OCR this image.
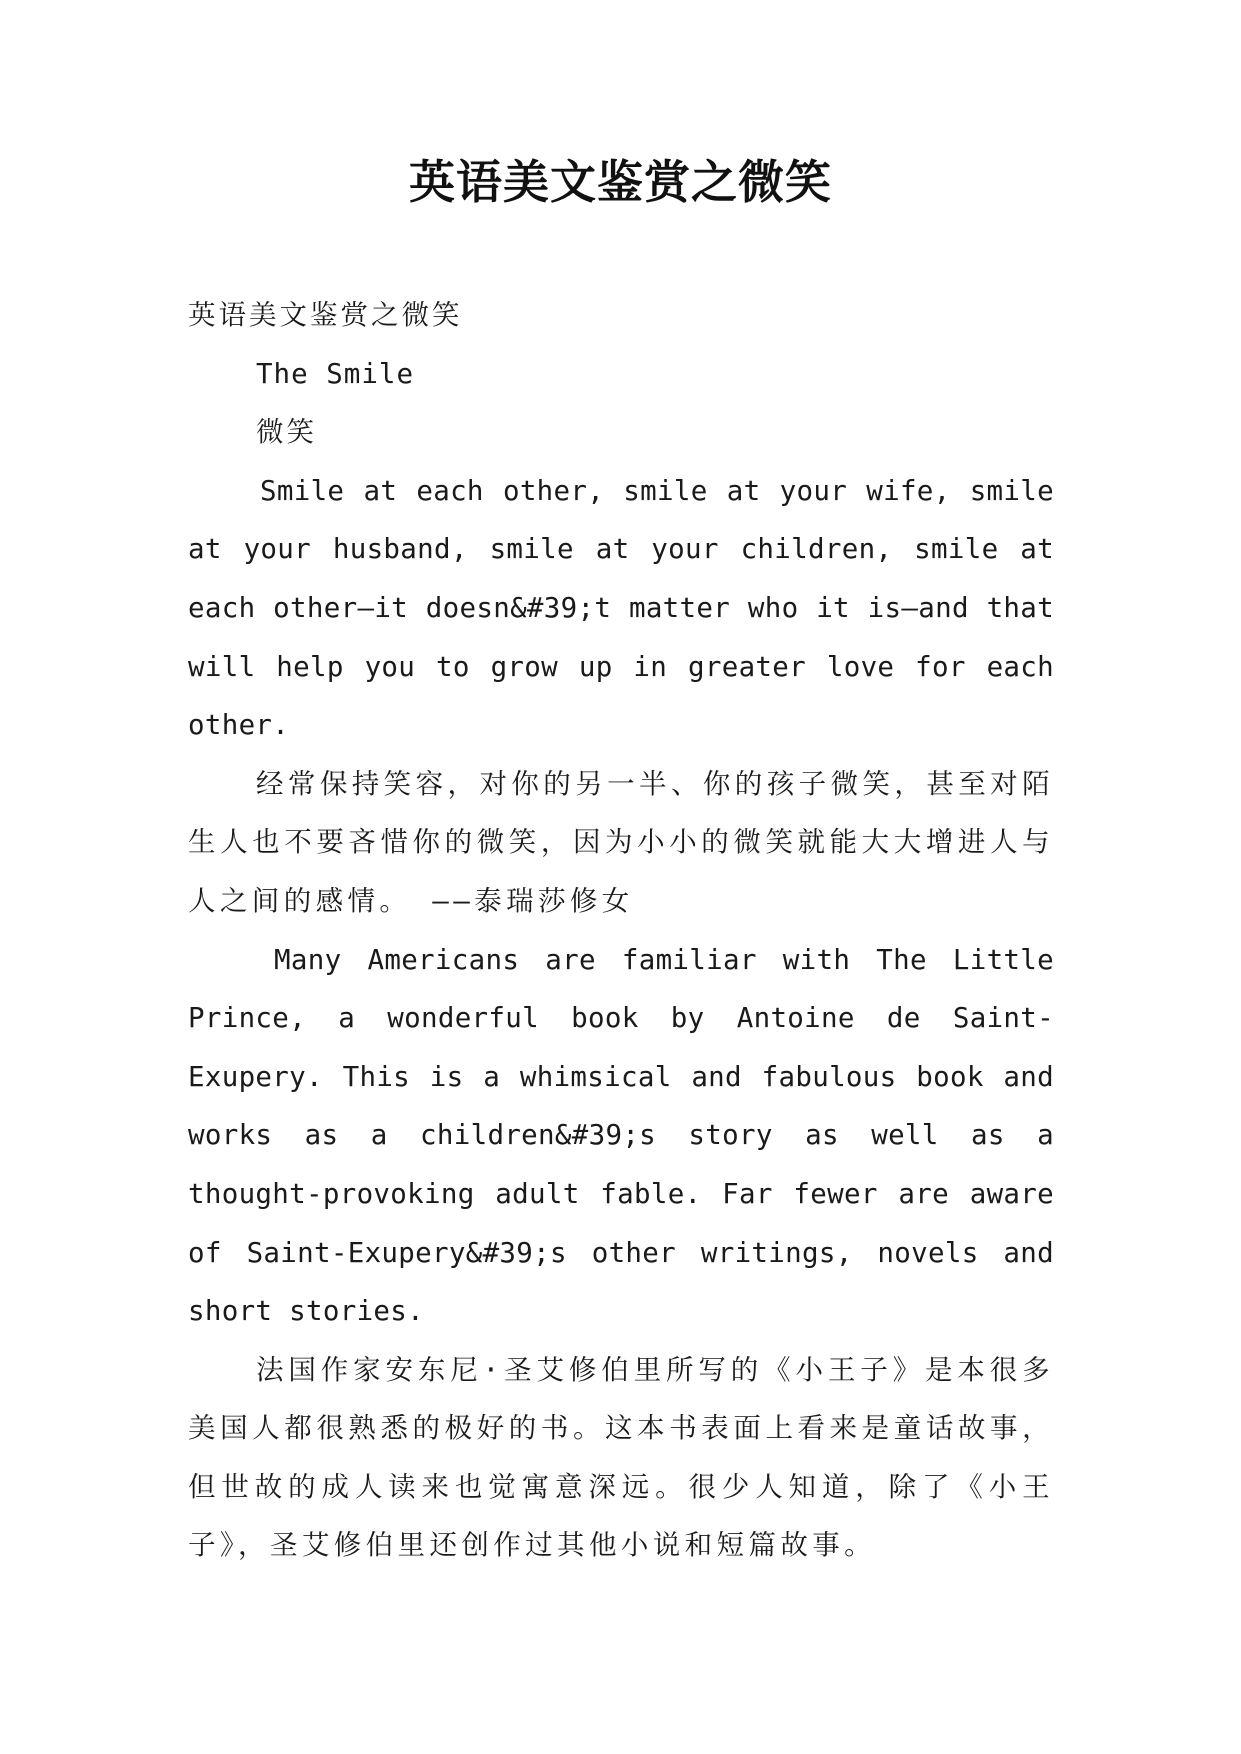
英语美文鉴赏之微笑
英语美文鉴赏之微笑
The Smile
微笑

Smile at each other, smile at your wife, smile at your husband, smile at your children, smile at each other—it doesn&#39;t matter who it is—and that will help you to grow up in greater love for each other.

经常保持笑容，对你的另一半、你的孩子微笑，甚至对陌生人也不要吝惜你的微笑，因为小小的微笑就能大大增进人与人之间的感情。 ——泰瑞莎修女

Many Americans are familiar with The Little Prince, a wonderful book by Antoine de Saint-Exupery. This is a whimsical and fabulous book and works as a children&#39;s story as well as a thought-provoking adult fable. Far fewer are aware of Saint-Exupery&#39;s other writings, novels and short stories.

法国作家安东尼·圣艾修伯里所写的《小王子》是本很多美国人都很熟悉的极好的书。这本书表面上看来是童话故事，但世故的成人读来也觉寓意深远。很少人知道，除了《小王子》，圣艾修伯里还创作过其他小说和短篇故事。
